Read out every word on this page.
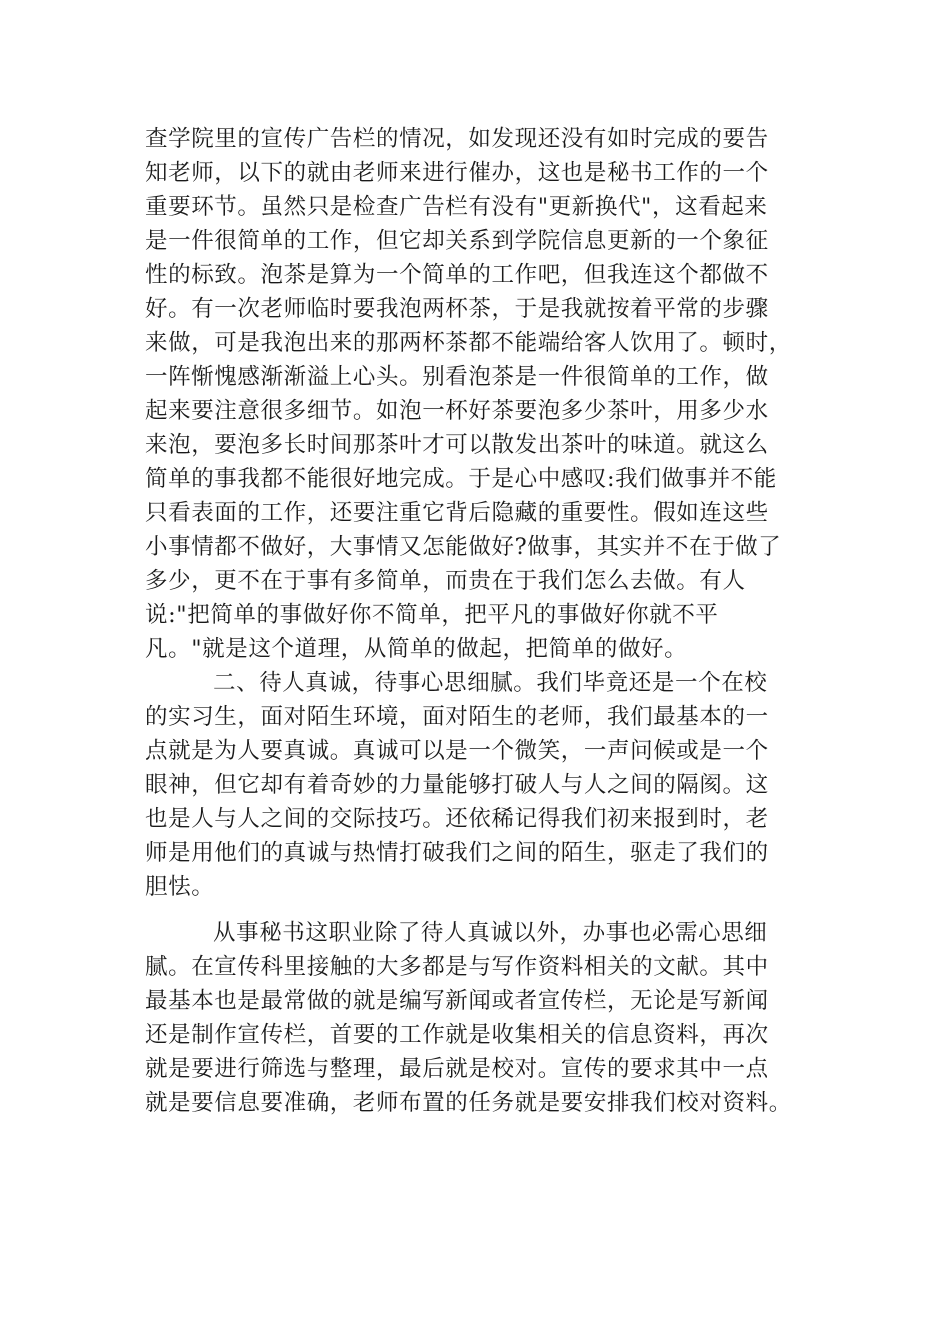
查学院里的宣传广告栏的情况，如发现还没有如时完成的要告
知老师，以下的就由老师来进行催办，这也是秘书工作的一个
重要环节。虽然只是检查广告栏有没有"更新换代"，这看起来
是一件很简单的工作，但它却关系到学院信息更新的一个象征
性的标致。泡茶是算为一个简单的工作吧，但我连这个都做不
好。有一次老师临时要我泡两杯茶，于是我就按着平常的步骤
来做，可是我泡出来的那两杯茶都不能端给客人饮用了。顿时，
一阵惭愧感渐渐溢上心头。别看泡茶是一件很简单的工作，做
起来要注意很多细节。如泡一杯好茶要泡多少茶叶，用多少水
来泡，要泡多长时间那茶叶才可以散发出茶叶的味道。就这么
简单的事我都不能很好地完成。于是心中感叹:我们做事并不能
只看表面的工作，还要注重它背后隐藏的重要性。假如连这些
小事情都不做好，大事情又怎能做好?做事，其实并不在于做了
多少，更不在于事有多简单，而贵在于我们怎么去做。有人
说:"把简单的事做好你不简单，把平凡的事做好你就不平
凡。"就是这个道理，从简单的做起，把简单的做好。
二、待人真诚，待事心思细腻。我们毕竟还是一个在校
的实习生，面对陌生环境，面对陌生的老师，我们最基本的一
点就是为人要真诚。真诚可以是一个微笑，一声问候或是一个
眼神，但它却有着奇妙的力量能够打破人与人之间的隔阂。这
也是人与人之间的交际技巧。还依稀记得我们初来报到时，老
师是用他们的真诚与热情打破我们之间的陌生，驱走了我们的
胆怯。
从事秘书这职业除了待人真诚以外，办事也必需心思细
腻。在宣传科里接触的大多都是与写作资料相关的文献。其中
最基本也是最常做的就是编写新闻或者宣传栏，无论是写新闻
还是制作宣传栏，首要的工作就是收集相关的信息资料，再次
就是要进行筛选与整理，最后就是校对。宣传的要求其中一点
就是要信息要准确，老师布置的任务就是要安排我们校对资料。
